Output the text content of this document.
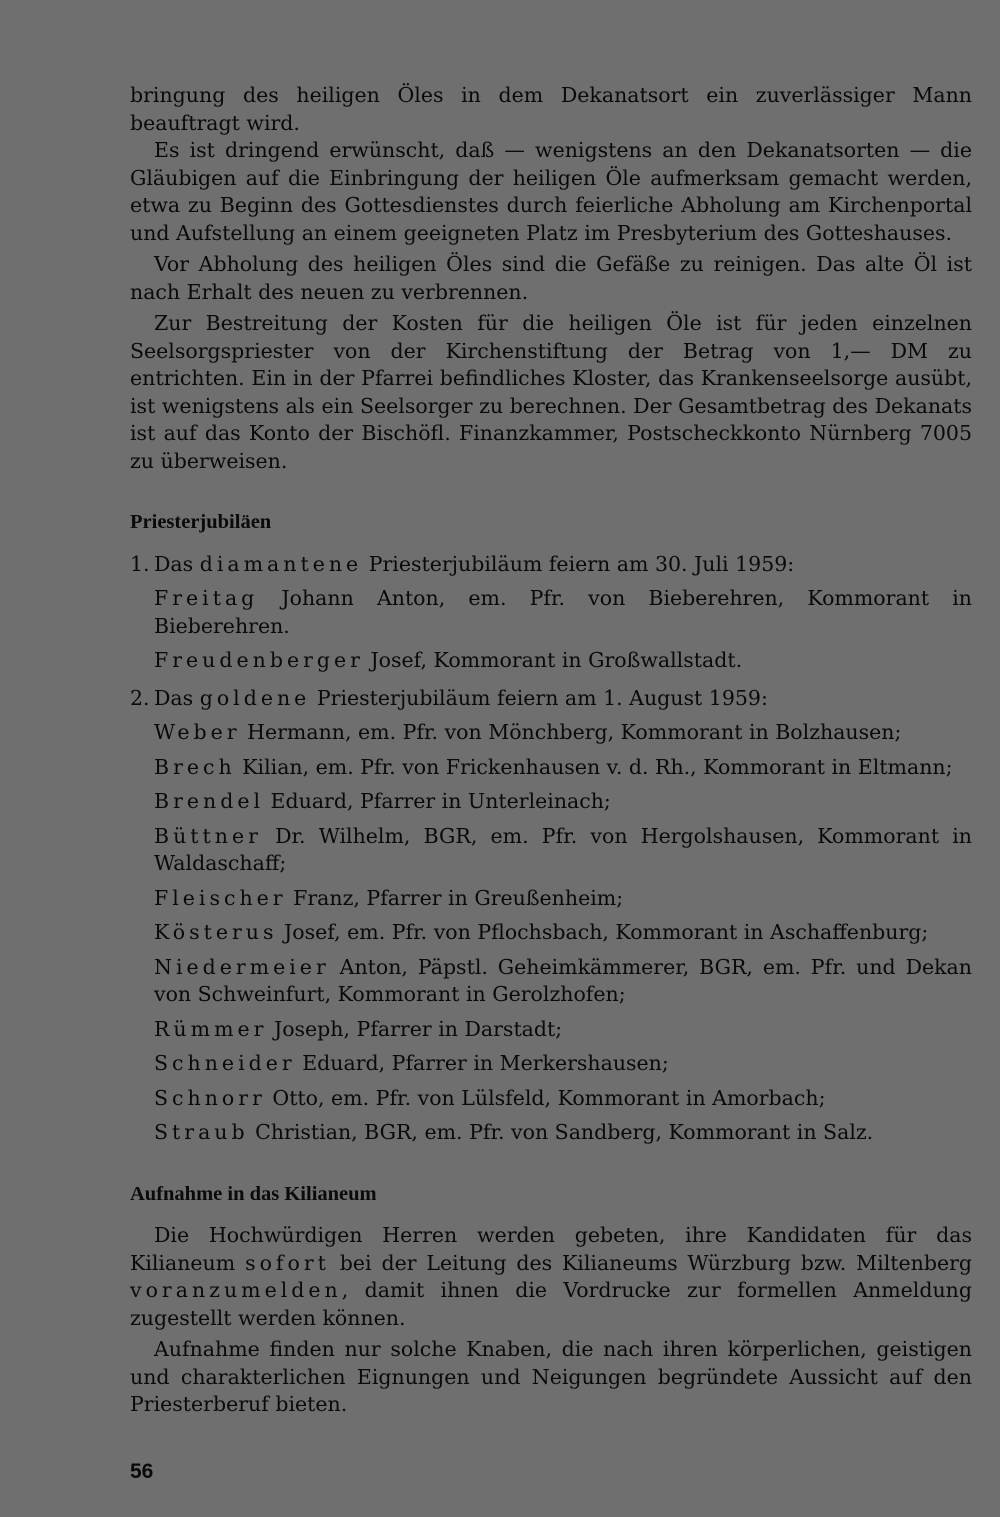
bringung des heiligen Öles in dem Dekanatsort ein zuverlässiger Mann beauftragt wird.

Es ist dringend erwünscht, daß — wenigstens an den Dekanatsorten — die Gläubigen auf die Einbringung der heiligen Öle aufmerksam gemacht werden, etwa zu Beginn des Gottesdienstes durch feierliche Abholung am Kirchenportal und Aufstellung an einem geeigneten Platz im Presbyterium des Gotteshauses.

Vor Abholung des heiligen Öles sind die Gefäße zu reinigen. Das alte Öl ist nach Erhalt des neuen zu verbrennen.

Zur Bestreitung der Kosten für die heiligen Öle ist für jeden einzelnen Seelsorgspriester von der Kirchenstiftung der Betrag von 1,— DM zu entrichten. Ein in der Pfarrei befindliches Kloster, das Krankenseelsorge ausübt, ist wenigstens als ein Seelsorger zu berechnen. Der Gesamtbetrag des Dekanats ist auf das Konto der Bischöfl. Finanzkammer, Postscheckkonto Nürnberg 7005 zu überweisen.

Priesterjubiläen

1. Das diamantene Priesterjubiläum feiern am 30. Juli 1959:

Freitag Johann Anton, em. Pfr. von Bieberehren, Kommorant in Bieberehren.

Freudenberger Josef, Kommorant in Großwallstadt.

2. Das goldene Priesterjubiläum feiern am 1. August 1959:

Weber Hermann, em. Pfr. von Mönchberg, Kommorant in Bolzhausen;

Brech Kilian, em. Pfr. von Frickenhausen v. d. Rh., Kommorant in Eltmann;

Brendel Eduard, Pfarrer in Unterleinach;

Büttner Dr. Wilhelm, BGR, em. Pfr. von Hergolshausen, Kommorant in Waldaschaff;

Fleischer Franz, Pfarrer in Greußenheim;

Kösterus Josef, em. Pfr. von Pflochsbach, Kommorant in Aschaffenburg;

Niedermeier Anton, Päpstl. Geheimkämmerer, BGR, em. Pfr. und Dekan von Schweinfurt, Kommorant in Gerolzhofen;

Rümmer Joseph, Pfarrer in Darstadt;

Schneider Eduard, Pfarrer in Merkershausen;

Schnorr Otto, em. Pfr. von Lülsfeld, Kommorant in Amorbach;

Straub Christian, BGR, em. Pfr. von Sandberg, Kommorant in Salz.

Aufnahme in das Kilianeum

Die Hochwürdigen Herren werden gebeten, ihre Kandidaten für das Kilianeum sofort bei der Leitung des Kilianeums Würzburg bzw. Miltenberg voranzumelden, damit ihnen die Vordrucke zur formellen Anmeldung zugestellt werden können.

Aufnahme finden nur solche Knaben, die nach ihren körperlichen, geistigen und charakterlichen Eignungen und Neigungen begründete Aussicht auf den Priesterberuf bieten.

56
